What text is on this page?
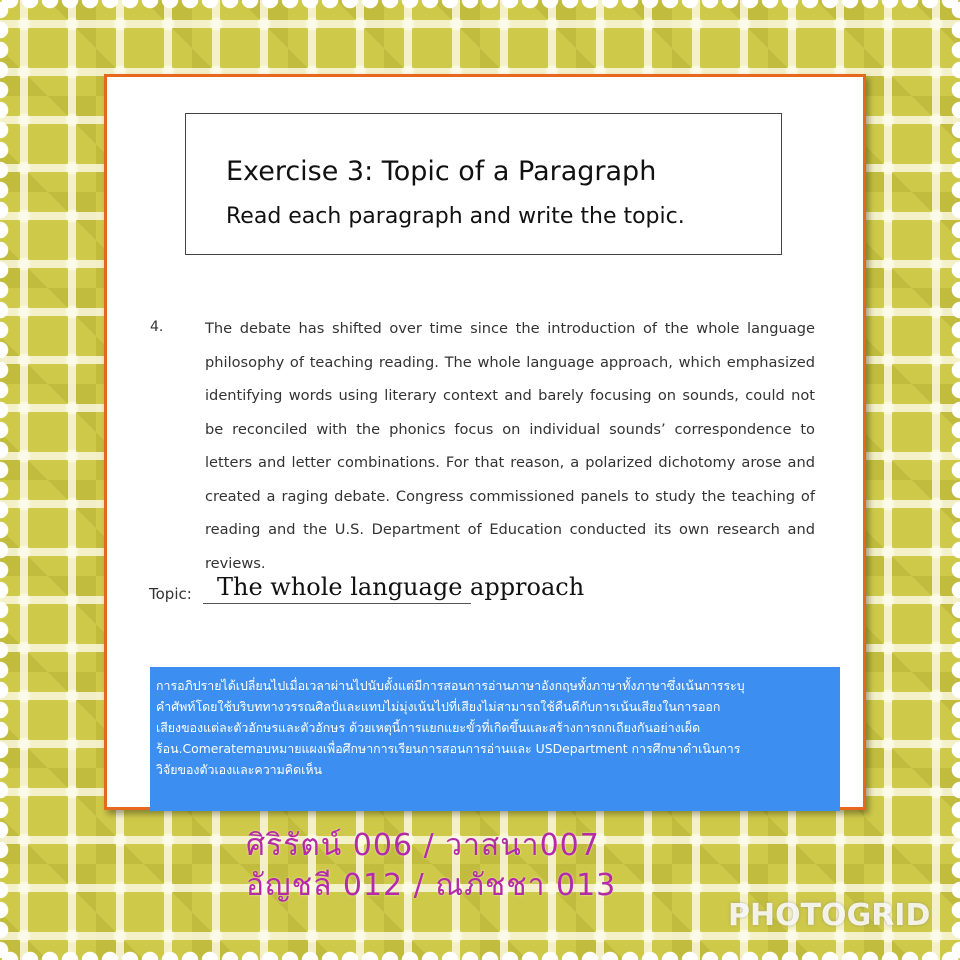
Exercise 3: Topic of a Paragraph
Read each paragraph and write the topic.
4.	The debate has shifted over time since the introduction of the whole language philosophy of teaching reading. The whole language approach, which emphasized identifying words using literary context and barely focusing on sounds, could not be reconciled with the phonics focus on individual sounds’ correspondence to letters and letter combinations. For that reason, a polarized dichotomy arose and created a raging debate. Congress commissioned panels to study the teaching of reading and the U.S. Department of Education conducted its own research and reviews.
Topic: The whole language approach
การอภิปรายได้เปลี่ยนไปเมื่อเวลาผ่านไปนับตั้งแต่มีการสอนการอ่านภาษาอังกฤษทั้งภาษาทั้งภาษาซึ่งเน้นการระบุ
คำศัพท์โดยใช้บริบททางวรรณศิลป์และแทบไม่มุ่งเน้นไปที่เสียงไม่สามารถใช้คืนดีกับการเน้นเสียงในการออก
เสียงของแต่ละตัวอักษรและตัวอักษร ด้วยเหตุนี้การแยกแยะขั้วที่เกิดขึ้นและสร้างการถกเถียงกันอย่างเผ็ด
ร้อน.Comeratemอบหมายแผงเพื่อศึกษาการเรียนการสอนการอ่านและ USDepartment การศึกษาดำเนินการ
วิจัยของตัวเองและความคิดเห็น
ศิริรัตน์ 006 / วาสนา007
อัญชลี 012 / ณภัชชา 013
PHOTOGRID
